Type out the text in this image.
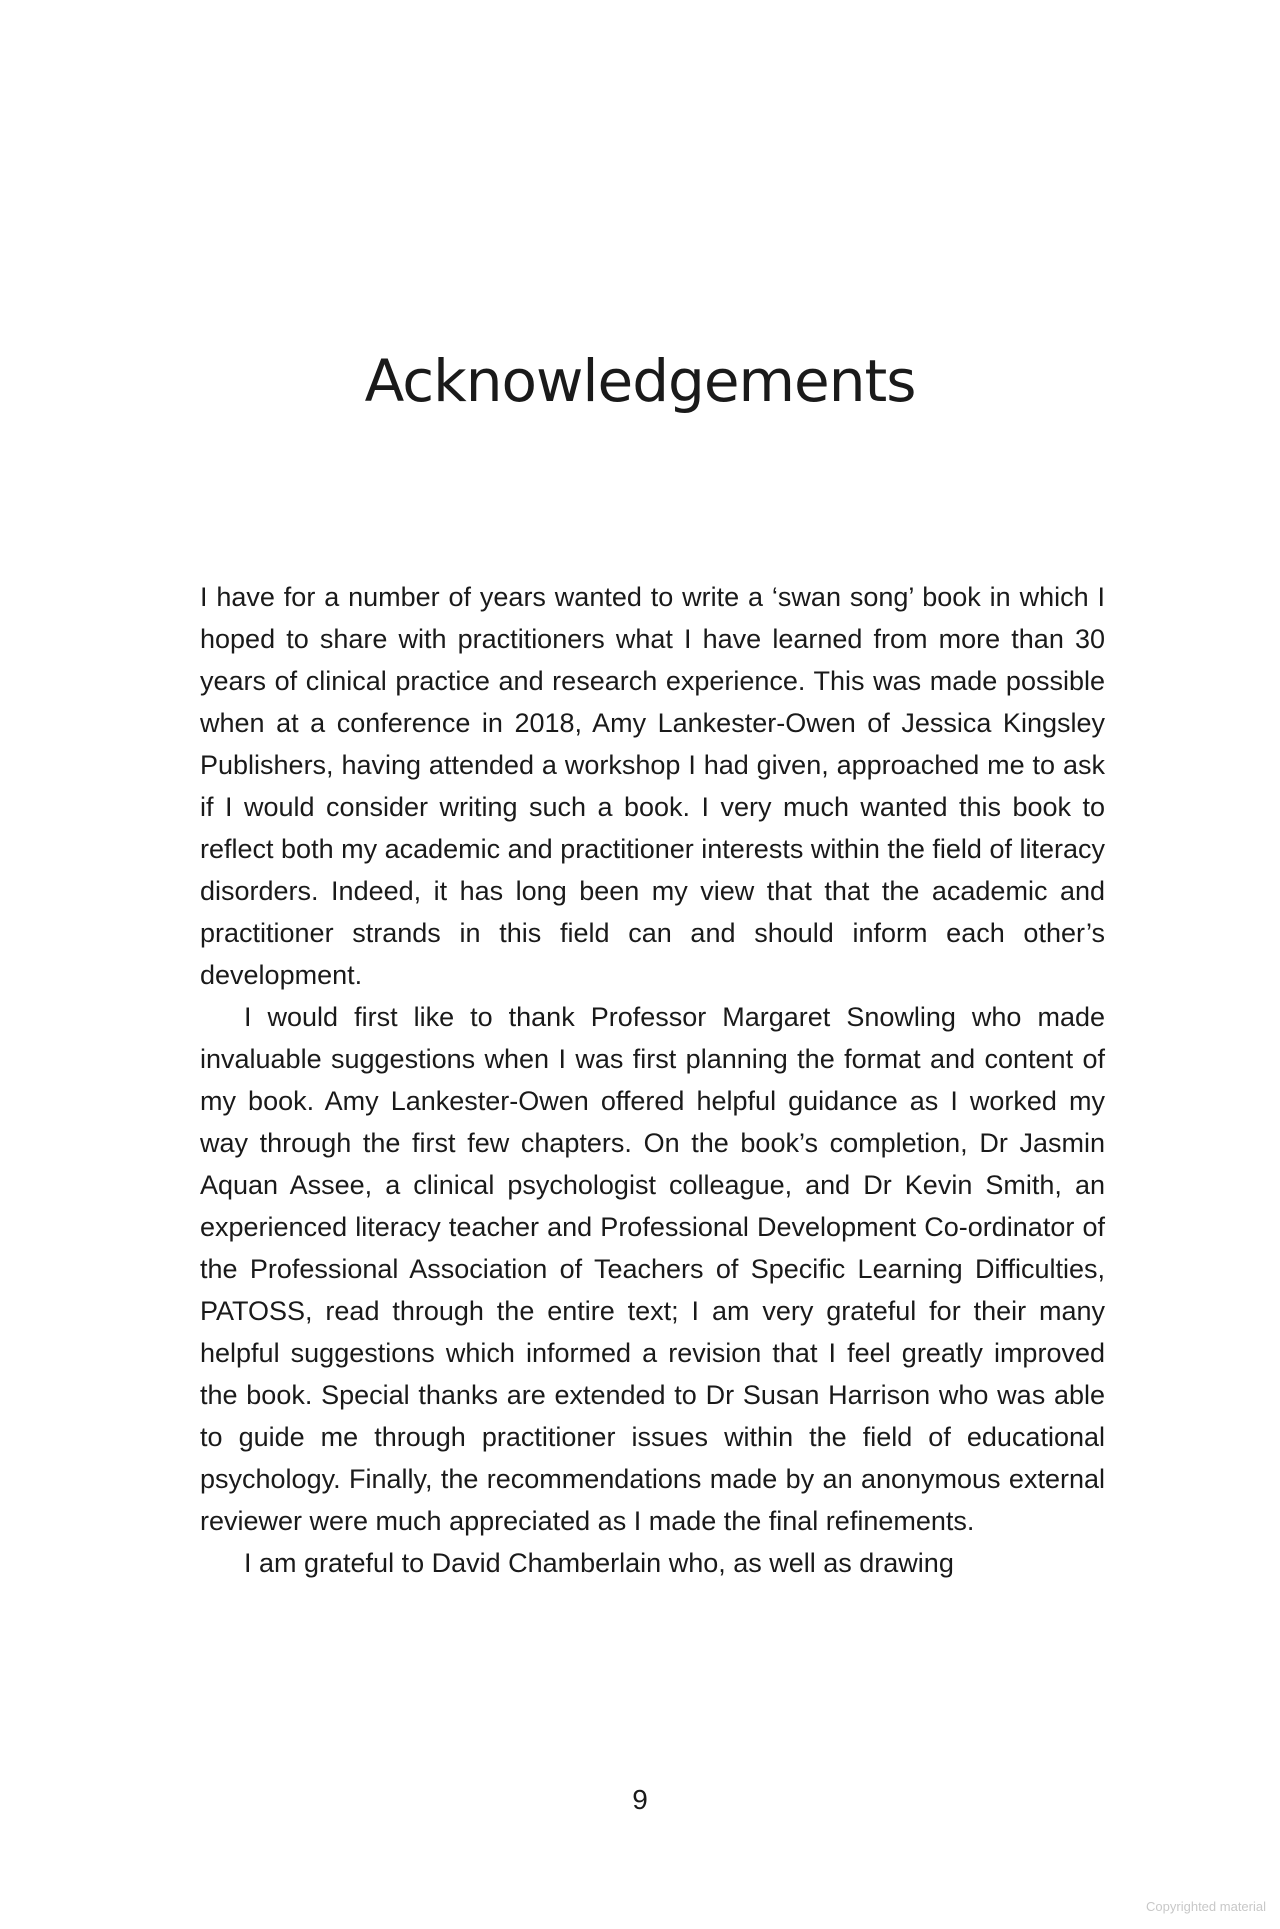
Acknowledgements

I have for a number of years wanted to write a ‘swan song’ book in which I hoped to share with practitioners what I have learned from more than 30 years of clinical practice and research experience. This was made possible when at a conference in 2018, Amy Lankester-Owen of Jessica Kingsley Publishers, having attended a workshop I had given, approached me to ask if I would consider writing such a book. I very much wanted this book to reflect both my academic and practitioner interests within the field of literacy disorders. Indeed, it has long been my view that that the academic and practitioner strands in this field can and should inform each other’s development.

I would first like to thank Professor Margaret Snowling who made invaluable suggestions when I was first planning the format and content of my book. Amy Lankester-Owen offered helpful guidance as I worked my way through the first few chapters. On the book’s completion, Dr Jasmin Aquan Assee, a clinical psychologist colleague, and Dr Kevin Smith, an experienced literacy teacher and Professional Development Co-ordinator of the Professional Association of Teachers of Specific Learning Difficulties, PATOSS, read through the entire text; I am very grateful for their many helpful suggestions which informed a revision that I feel greatly improved the book. Special thanks are extended to Dr Susan Harrison who was able to guide me through practitioner issues within the field of educational psychology. Finally, the recommendations made by an anonymous external reviewer were much appreciated as I made the final refinements.

I am grateful to David Chamberlain who, as well as drawing

9
Copyrighted material
